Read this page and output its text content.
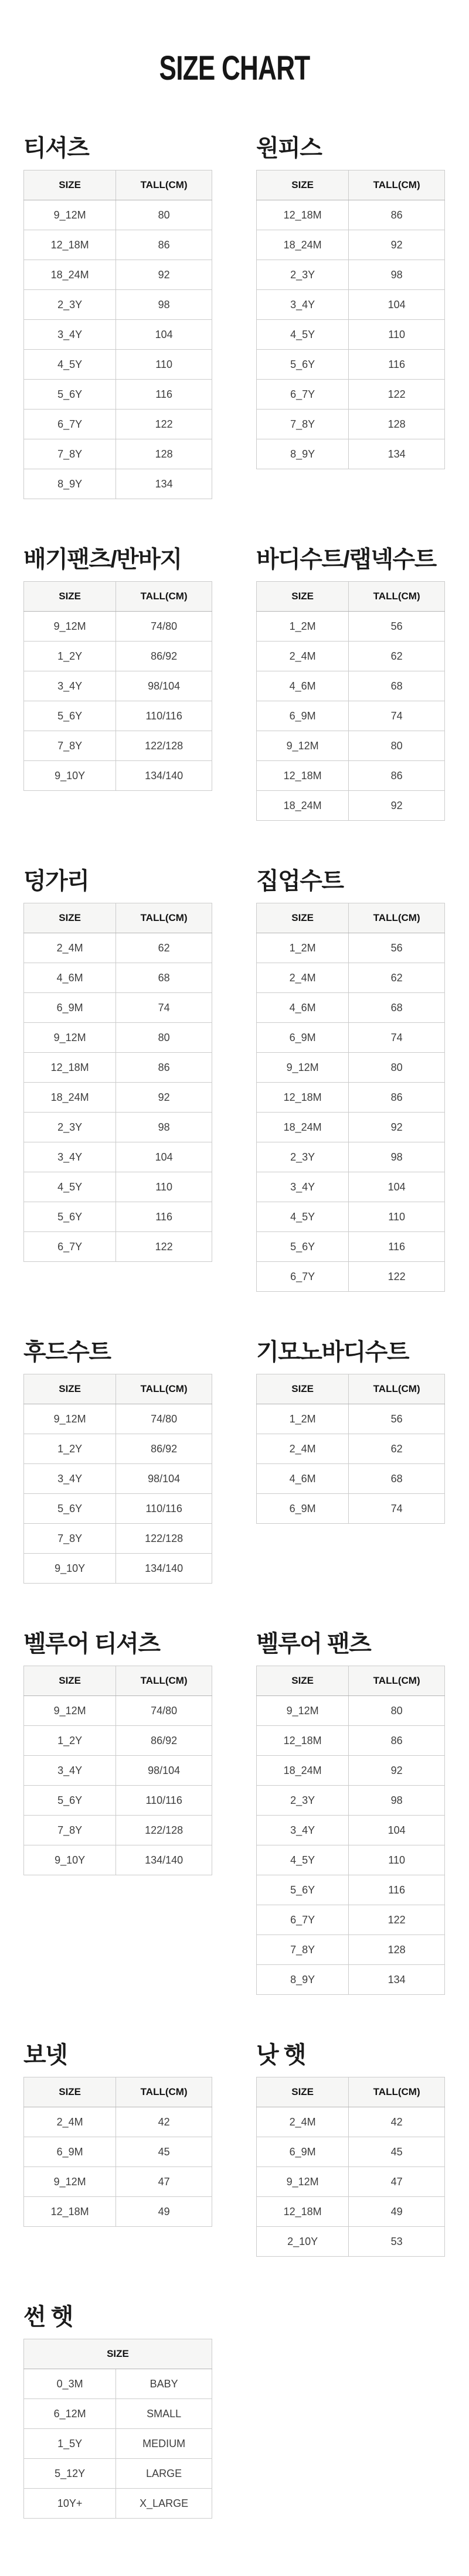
SIZE CHART
티셔츠
SIZE	TALL(CM)
9_12M	80
12_18M	86
18_24M	92
2_3Y	98
3_4Y	104
4_5Y	110
5_6Y	116
6_7Y	122
7_8Y	128
8_9Y	134
원피스
SIZE	TALL(CM)
12_18M	86
18_24M	92
2_3Y	98
3_4Y	104
4_5Y	110
5_6Y	116
6_7Y	122
7_8Y	128
8_9Y	134
배기팬츠/반바지
SIZE	TALL(CM)
9_12M	74/80
1_2Y	86/92
3_4Y	98/104
5_6Y	110/116
7_8Y	122/128
9_10Y	134/140
바디수트/랩넥수트
SIZE	TALL(CM)
1_2M	56
2_4M	62
4_6M	68
6_9M	74
9_12M	80
12_18M	86
18_24M	92
덩가리
SIZE	TALL(CM)
2_4M	62
4_6M	68
6_9M	74
9_12M	80
12_18M	86
18_24M	92
2_3Y	98
3_4Y	104
4_5Y	110
5_6Y	116
6_7Y	122
집업수트
SIZE	TALL(CM)
1_2M	56
2_4M	62
4_6M	68
6_9M	74
9_12M	80
12_18M	86
18_24M	92
2_3Y	98
3_4Y	104
4_5Y	110
5_6Y	116
6_7Y	122
후드수트
SIZE	TALL(CM)
9_12M	74/80
1_2Y	86/92
3_4Y	98/104
5_6Y	110/116
7_8Y	122/128
9_10Y	134/140
기모노바디수트
SIZE	TALL(CM)
1_2M	56
2_4M	62
4_6M	68
6_9M	74
벨루어 티셔츠
SIZE	TALL(CM)
9_12M	74/80
1_2Y	86/92
3_4Y	98/104
5_6Y	110/116
7_8Y	122/128
9_10Y	134/140
벨루어 팬츠
SIZE	TALL(CM)
9_12M	80
12_18M	86
18_24M	92
2_3Y	98
3_4Y	104
4_5Y	110
5_6Y	116
6_7Y	122
7_8Y	128
8_9Y	134
보넷
SIZE	TALL(CM)
2_4M	42
6_9M	45
9_12M	47
12_18M	49
낫 햇
SIZE	TALL(CM)
2_4M	42
6_9M	45
9_12M	47
12_18M	49
2_10Y	53
썬 햇
SIZE	
0_3M	BABY
6_12M	SMALL
1_5Y	MEDIUM
5_12Y	LARGE
10Y+	X_LARGE
